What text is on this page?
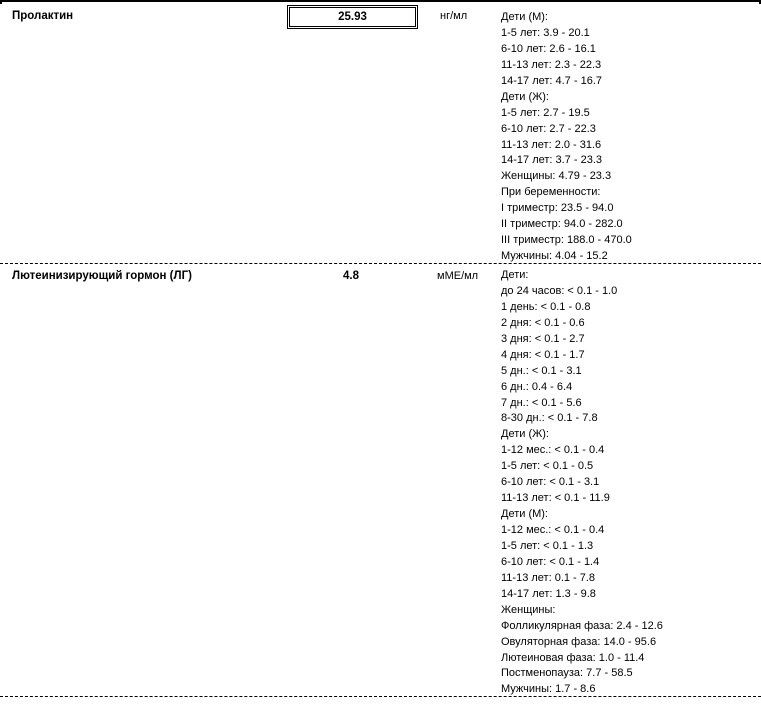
Пролактин	25.93	нг/мл	Дети (М):
1-5 лет: 3.9 - 20.1
6-10 лет: 2.6 - 16.1
11-13 лет: 2.3 - 22.3
14-17 лет: 4.7 - 16.7
Дети (Ж):
1-5 лет: 2.7 - 19.5
6-10 лет: 2.7 - 22.3
11-13 лет: 2.0 - 31.6
14-17 лет: 3.7 - 23.3
Женщины: 4.79 - 23.3
При беременности:
I триместр: 23.5 - 94.0
II триместр: 94.0 - 282.0
III триместр: 188.0 - 470.0
Мужчины: 4.04 - 15.2
Лютеинизирующий гормон (ЛГ)	4.8	мМЕ/мл Дети:
до 24 часов: < 0.1 - 1.0
1 день: < 0.1 - 0.8
2 дня: < 0.1 - 0.6
3 дня: < 0.1 - 2.7
4 дня: < 0.1 - 1.7
5 дн.: < 0.1 - 3.1
6 дн.: 0.4 - 6.4
7 дн.: < 0.1 - 5.6
8-30 дн.: < 0.1 - 7.8
Дети (Ж):
1-12 мес.: < 0.1 - 0.4
1-5 лет: < 0.1 - 0.5
6-10 лет: < 0.1 - 3.1
11-13 лет: < 0.1 - 11.9
Дети (М):
1-12 мес.: < 0.1 - 0.4
1-5 лет: < 0.1 - 1.3
6-10 лет: < 0.1 - 1.4
11-13 лет: 0.1 - 7.8
14-17 лет: 1.3 - 9.8
Женщины:
Фолликулярная фаза: 2.4 - 12.6
Овуляторная фаза: 14.0 - 95.6
Лютеиновая фаза: 1.0 - 11.4
Постменопауза: 7.7 - 58.5
Мужчины: 1.7 - 8.6
